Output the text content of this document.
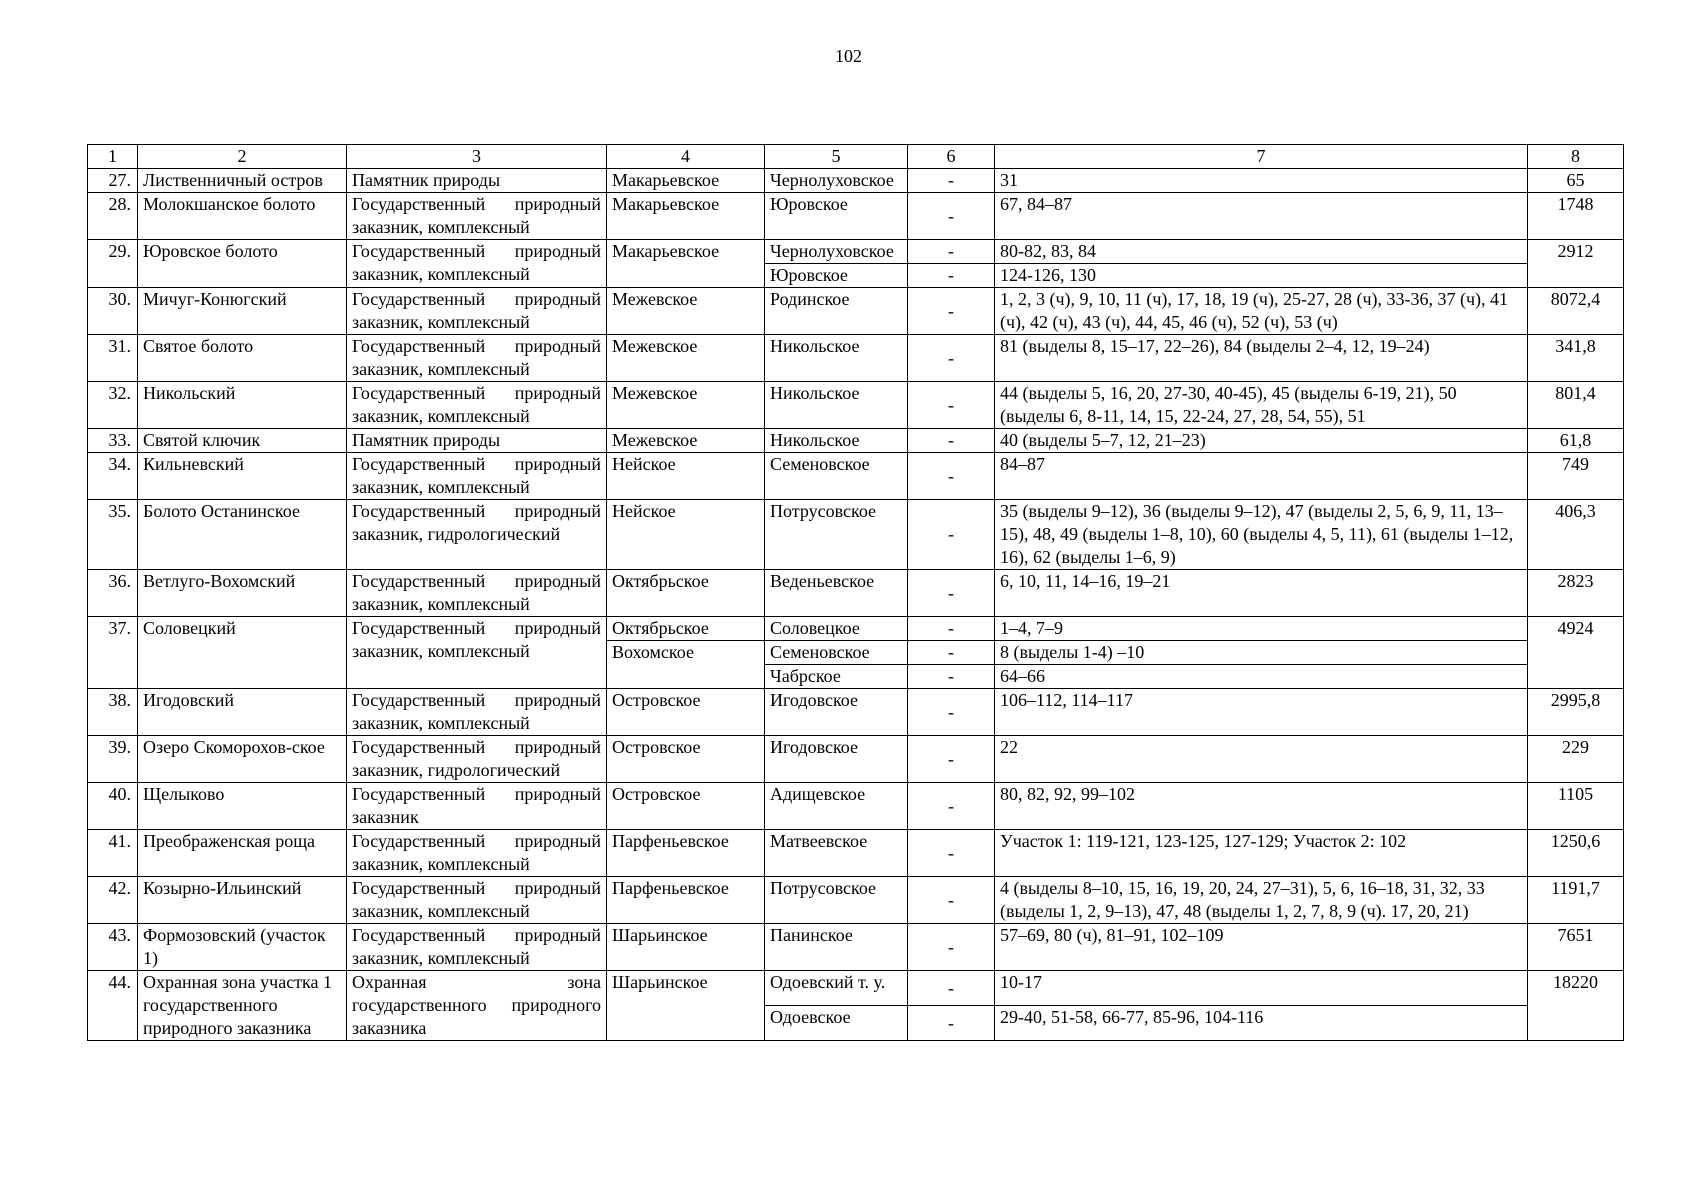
102
1	2	3	4	5	6	7	8
27.	Лиственничный остров	Памятник природы	Макарьевское	Чернолуховское	-	31	65
28.	Молокшанское болото	Государственный природный заказник, комплексный	Макарьевское	Юровское	-	67, 84–87	1748
29.	Юровское болото	Государственный природный заказник, комплексный	Макарьевское	Чернолуховское	-	80-82, 83, 84	2912
				Юровское	-	124-126, 130	
30.	Мичуг-Конюгский	Государственный природный заказник, комплексный	Межевское	Родинское	-	1, 2, 3 (ч), 9, 10, 11 (ч), 17, 18, 19 (ч), 25-27, 28 (ч), 33-36, 37 (ч), 41 (ч), 42 (ч), 43 (ч), 44, 45, 46 (ч), 52 (ч), 53 (ч)	8072,4
31.	Святое болото	Государственный природный заказник, комплексный	Межевское	Никольское	-	81 (выделы 8, 15–17, 22–26), 84 (выделы 2–4, 12, 19–24)	341,8
32.	Никольский	Государственный природный заказник, комплексный	Межевское	Никольское	-	44 (выделы 5, 16, 20, 27-30, 40-45), 45 (выделы 6-19, 21), 50 (выделы 6, 8-11, 14, 15, 22-24, 27, 28, 54, 55), 51	801,4
33.	Святой ключик	Памятник природы	Межевское	Никольское	-	40 (выделы 5–7, 12, 21–23)	61,8
34.	Кильневский	Государственный природный заказник, комплексный	Нейское	Семеновское	-	84–87	749
35.	Болото Останинское	Государственный природный заказник, гидрологический	Нейское	Потрусовское	-	35 (выделы 9–12), 36 (выделы 9–12), 47 (выделы 2, 5, 6, 9, 11, 13–15), 48, 49 (выделы 1–8, 10), 60 (выделы 4, 5, 11), 61 (выделы 1–12, 16), 62 (выделы 1–6, 9)	406,3
36.	Ветлуго-Вохомский	Государственный природный заказник, комплексный	Октябрьское	Веденьевское	-	6, 10, 11, 14–16, 19–21	2823
37.	Соловецкий	Государственный природный заказник, комплексный	Октябрьское	Соловецкое	-	1–4, 7–9	4924
			Вохомское	Семеновское	-	8 (выделы 1-4) –10	
				Чабрское	-	64–66	
38.	Игодовский	Государственный природный заказник, комплексный	Островское	Игодовское	-	106–112, 114–117	2995,8
39.	Озеро Скоморохов-ское	Государственный природный заказник, гидрологический	Островское	Игодовское	-	22	229
40.	Щелыково	Государственный природный заказник	Островское	Адищевское	-	80, 82, 92, 99–102	1105
41.	Преображенская роща	Государственный природный заказник, комплексный	Парфеньевское	Матвеевское	-	Участок 1: 119-121, 123-125, 127-129; Участок 2: 102	1250,6
42.	Козырно-Ильинский	Государственный природный заказник, комплексный	Парфеньевское	Потрусовское	-	4 (выделы 8–10, 15, 16, 19, 20, 24, 27–31), 5, 6, 16–18, 31, 32, 33 (выделы 1, 2, 9–13), 47, 48 (выделы 1, 2, 7, 8, 9 (ч). 17, 20, 21)	1191,7
43.	Формозовский (участок 1)	Государственный природный заказник, комплексный	Шарьинское	Панинское	-	57–69, 80 (ч), 81–91, 102–109	7651
44.	Охранная зона участка 1 государственного природного заказника	Охранная зона государственного природного заказника	Шарьинское	Одоевский т. у.	-	10-17	18220
				Одоевское	-	29-40, 51-58, 66-77, 85-96, 104-116	
